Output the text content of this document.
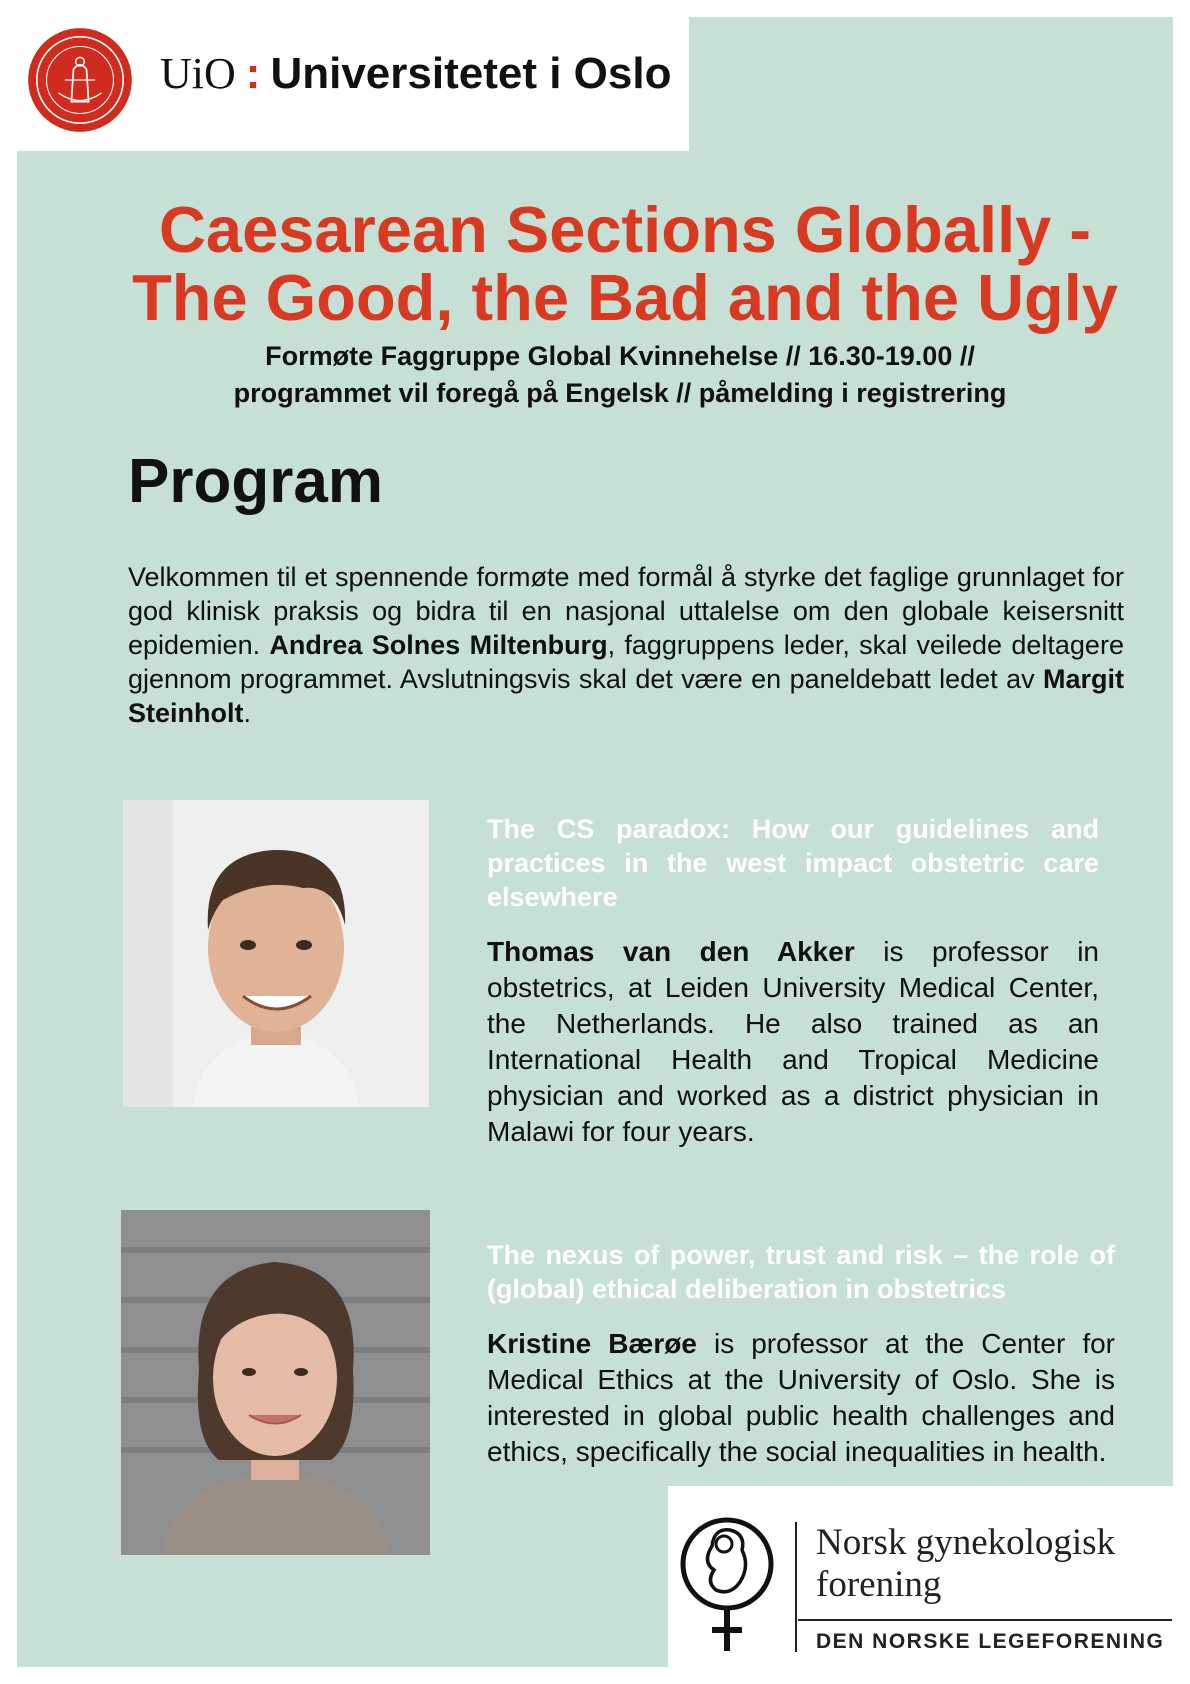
UiO : Universitetet i Oslo
Caesarean Sections Globally -
The Good, the Bad and the Ugly
Formøte Faggruppe Global Kvinnehelse // 16.30-19.00 //
programmet vil foregå på Engelsk // påmelding i registrering
Program
Velkommen til et spennende formøte med formål å styrke det faglige grunnlaget for god klinisk praksis og bidra til en nasjonal uttalelse om den globale keisersnitt epidemien. Andrea Solnes Miltenburg, faggruppens leder, skal veilede deltagere gjennom programmet. Avslutningsvis skal det være en paneldebatt ledet av Margit Steinholt.
The CS paradox: How our guidelines and practices in the west impact obstetric care elsewhere
Thomas van den Akker is professor in obstetrics, at Leiden University Medical Center, the Netherlands. He also trained as an International Health and Tropical Medicine physician and worked as a district physician in Malawi for four years.
The nexus of power, trust and risk – the role of (global) ethical deliberation in obstetrics
Kristine Bærøe is professor at the Center for Medical Ethics at the University of Oslo. She is interested in global public health challenges and ethics, specifically the social inequalities in health.
Norsk gynekologisk
forening
DEN NORSKE LEGEFORENING
